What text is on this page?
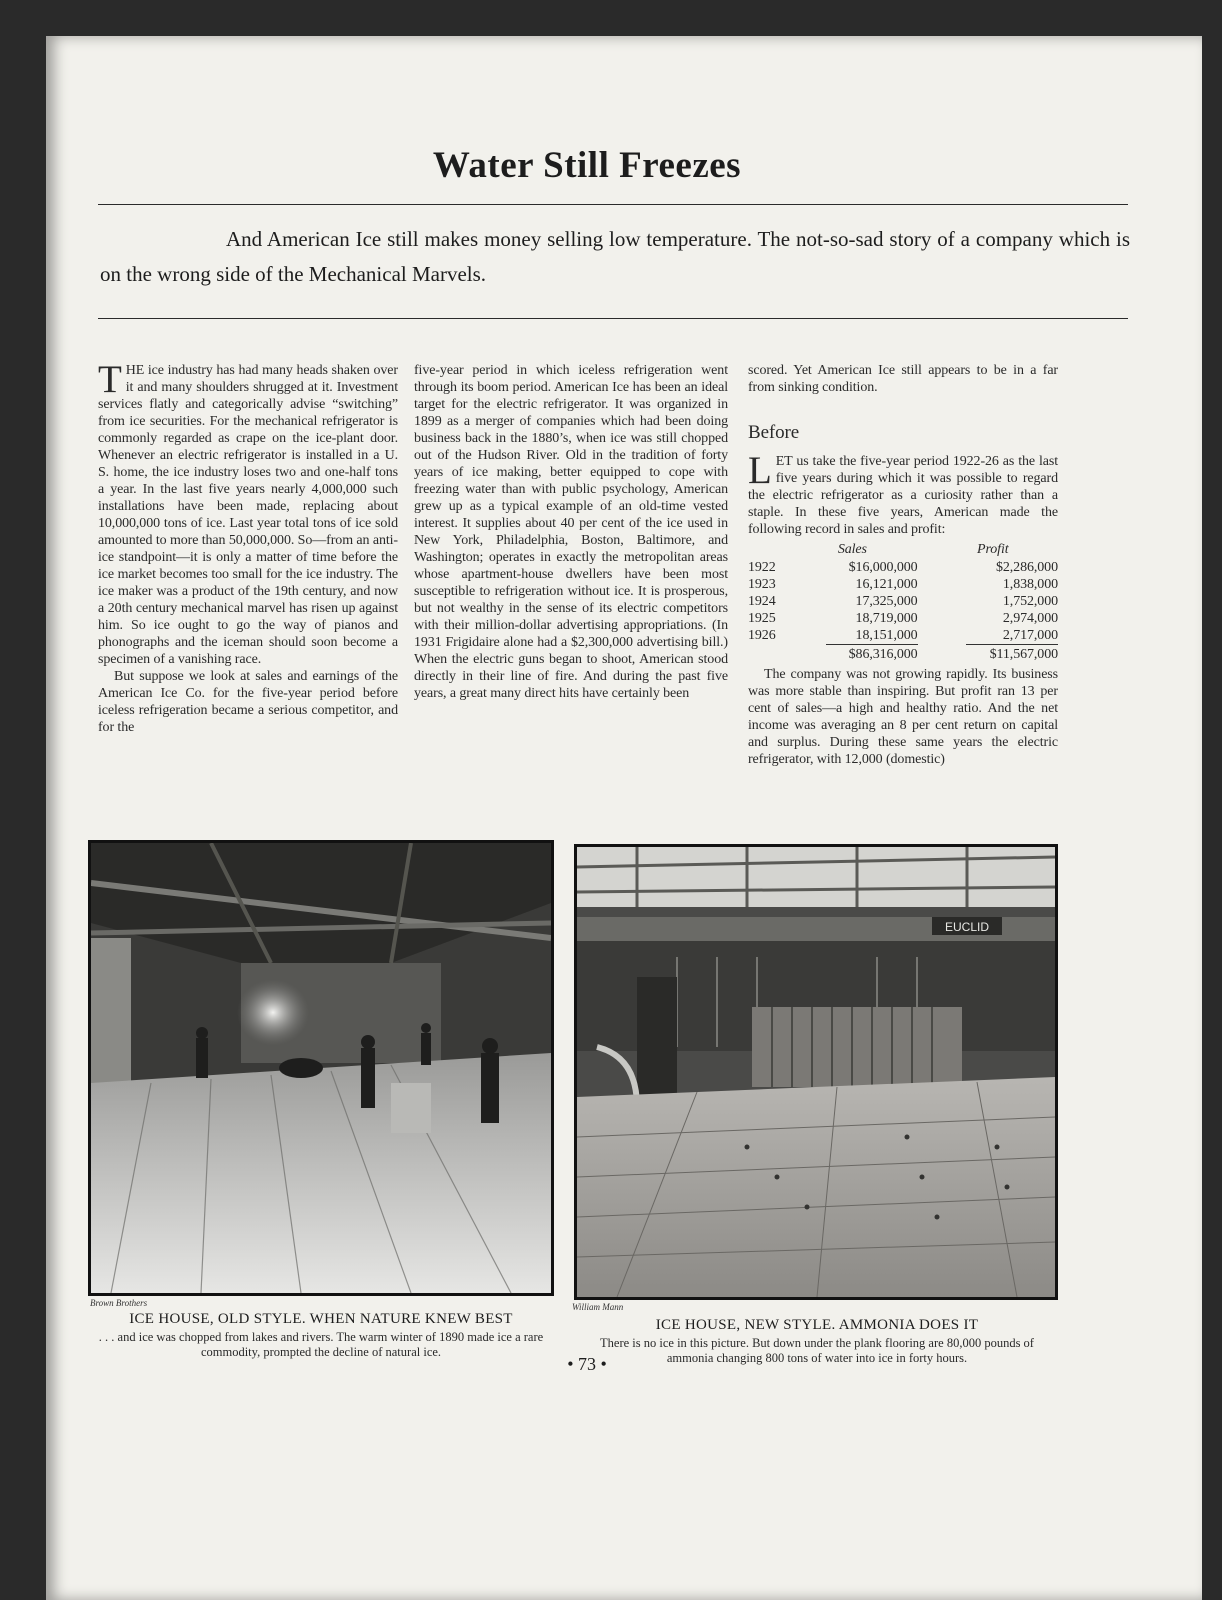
Water Still Freezes

And American Ice still makes money selling low temperature. The not-so-sad story of a company which is on the wrong side of the Mechanical Marvels.

THE ice industry has had many heads shaken over it and many shoulders shrugged at it. Investment services flatly and categorically advise “switching” from ice securities. For the mechanical refrigerator is commonly regarded as crape on the ice-plant door. Whenever an electric refrigerator is installed in a U. S. home, the ice industry loses two and one-half tons a year. In the last five years nearly 4,000,000 such installations have been made, replacing about 10,000,000 tons of ice. Last year total tons of ice sold amounted to more than 50,000,000. So—from an anti-ice standpoint—it is only a matter of time before the ice market becomes too small for the ice industry. The ice maker was a product of the 19th century, and now a 20th century mechanical marvel has risen up against him. So ice ought to go the way of pianos and phonographs and the iceman should soon become a specimen of a vanishing race.

But suppose we look at sales and earnings of the American Ice Co. for the five-year period before iceless refrigeration became a serious competitor, and for the

five-year period in which iceless refrigeration went through its boom period. American Ice has been an ideal target for the electric refrigerator. It was organized in 1899 as a merger of companies which had been doing business back in the 1880’s, when ice was still chopped out of the Hudson River. Old in the tradition of forty years of ice making, better equipped to cope with freezing water than with public psychology, American grew up as a typical example of an old-time vested interest. It supplies about 40 per cent of the ice used in New York, Philadelphia, Boston, Baltimore, and Washington; operates in exactly the metropolitan areas whose apartment-house dwellers have been most susceptible to refrigeration without ice. It is prosperous, but not wealthy in the sense of its electric competitors with their million-dollar advertising appropriations. (In 1931 Frigidaire alone had a $2,300,000 advertising bill.) When the electric guns began to shoot, American stood directly in their line of fire. And during the past five years, a great many direct hits have certainly been

scored. Yet American Ice still appears to be in a far from sinking condition.

Before

LET us take the five-year period 1922-26 as the last five years during which it was possible to regard the electric refrigerator as a curiosity rather than a staple. In these five years, American made the following record in sales and profit:

	Sales		Profit
1922	$16,000,000		$2,286,000
1923	16,121,000		1,838,000
1924	17,325,000		1,752,000
1925	18,719,000		2,974,000
1926	18,151,000		2,717,000
	$86,316,000		$11,567,000

The company was not growing rapidly. Its business was more stable than inspiring. But profit ran 13 per cent of sales—a high and healthy ratio. And the net income was averaging an 8 per cent return on capital and surplus. During these same years the electric refrigerator, with 12,000 (domestic)

Brown Brothers
ICE HOUSE, OLD STYLE. WHEN NATURE KNEW BEST
. . . and ice was chopped from lakes and rivers. The warm winter of 1890 made ice a rare commodity, prompted the decline of natural ice.
EUCLID
William Mann
ICE HOUSE, NEW STYLE. AMMONIA DOES IT
There is no ice in this picture. But down under the plank flooring are 80,000 pounds of ammonia changing 800 tons of water into ice in forty hours.
• 73 •
